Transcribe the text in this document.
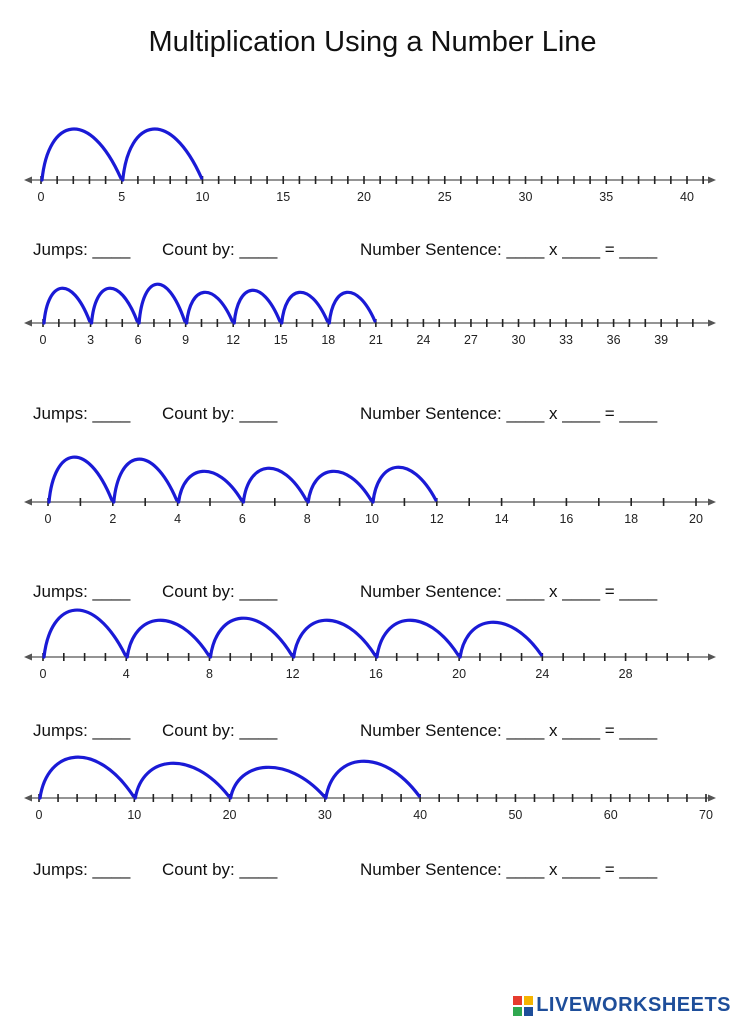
Multiplication Using a Number Line
0	5	10	15	20	25	30	35	40
Jumps: ____ Count by: ____	Number Sentence: ____ x ____ = ____
0	3	6	9	12	15	18	21	24	27	30	33	36	39
Jumps: ____ Count by: ____	Number Sentence: ____ x ____ = ____
0	2	4	6	8	10	12	14	16	18	20
Jumps: ____ Count by: ____	Number Sentence: ____ x ____ = ____
0	4	8	12	16	20	24	28
Jumps: ____ Count by: ____	Number Sentence: ____ x ____ = ____
0	10	20	30	40	50	60	70
Jumps: ____ Count by: ____	Number Sentence: ____ x ____ = ____
LIVEWORKSHEETS
